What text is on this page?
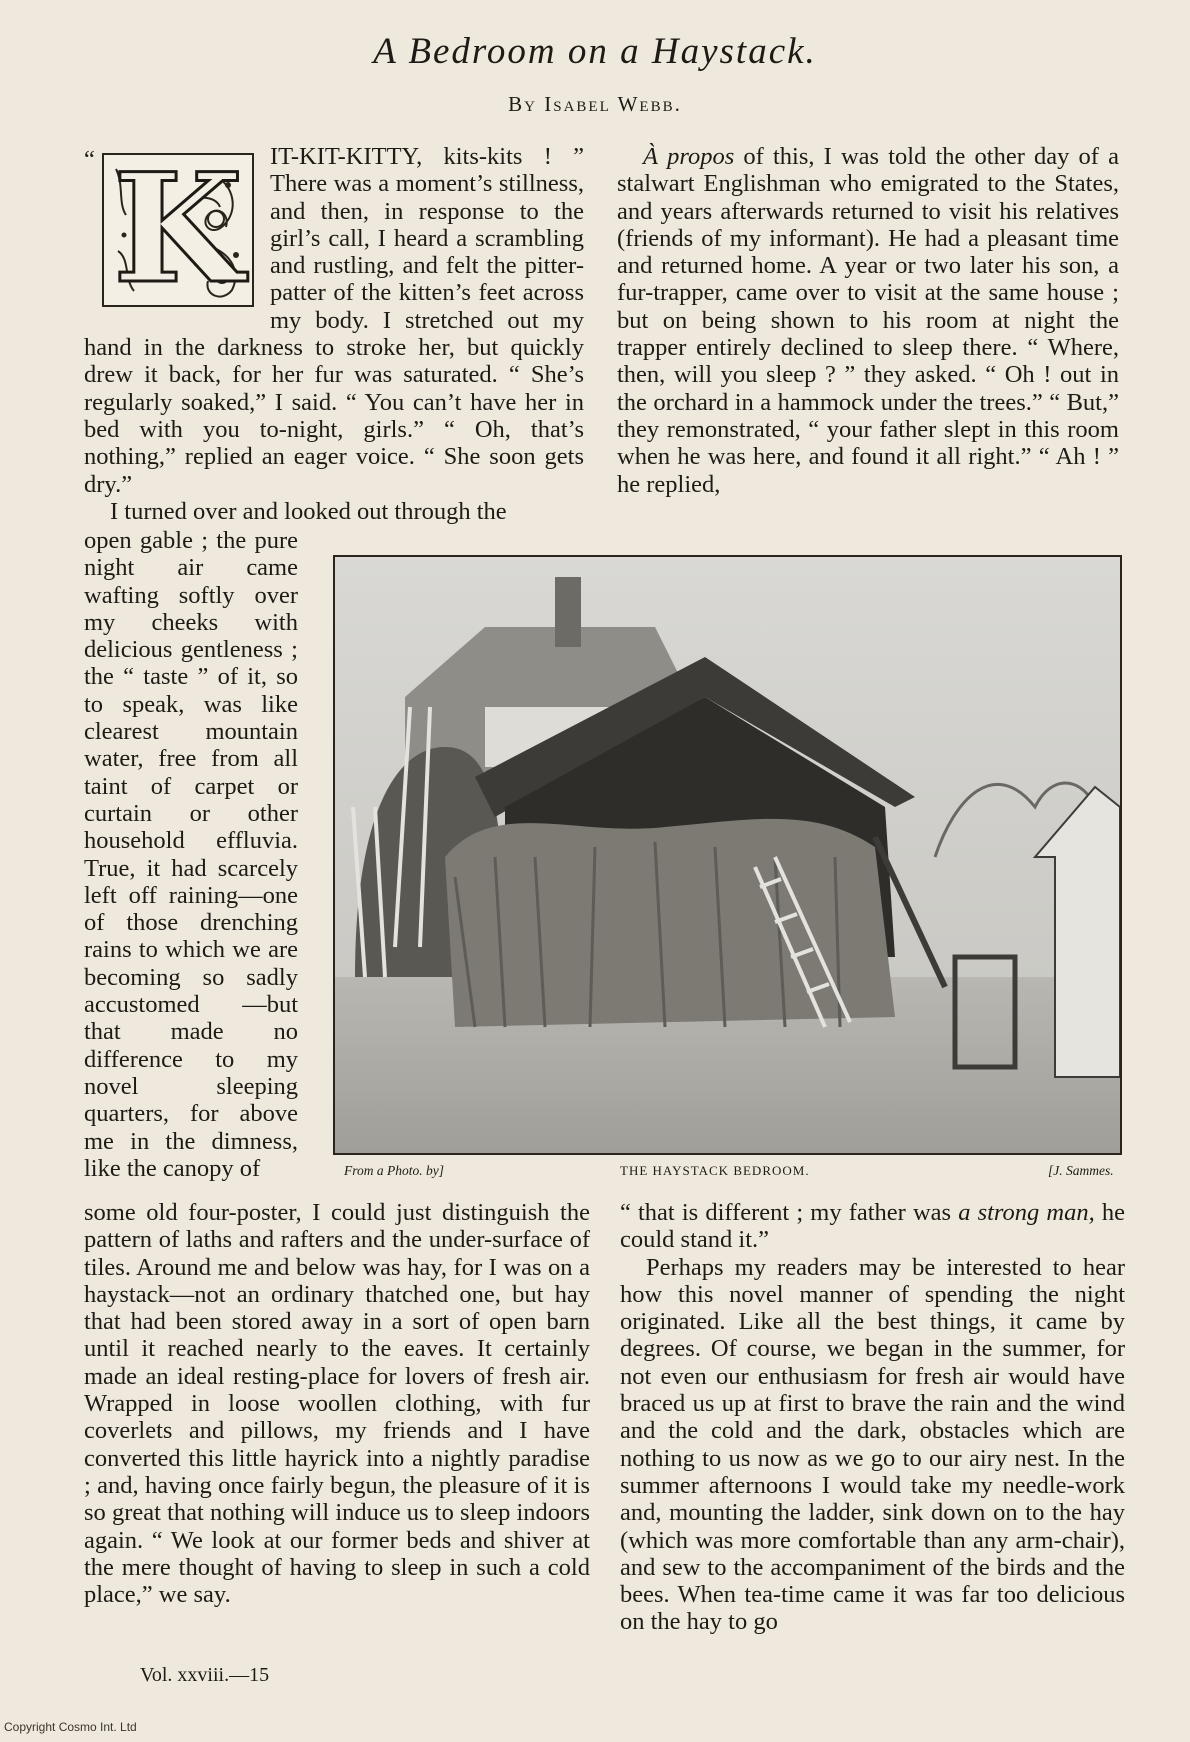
A Bedroom on a Haystack.
By Isabel Webb.
“ K	IT-KIT-KITTY, kits-kits ! ” There was a moment’s stillness, and then, in response to the girl’s call, I heard a scrambling and rustling, and felt the pitter-patter of the kitten’s feet across my body. I stretched out my hand in the darkness to stroke her, but quickly drew it back, for her fur was saturated. “ She’s regularly soaked,” I said. “ You can’t have her in bed with you to-night, girls.” “ Oh, that’s nothing,” replied an eager voice. “ She soon gets dry.”

I turned over and looked out through the

open gable ; the pure night air came wafting softly over my cheeks with delicious gentleness ; the “ taste ” of it, so to speak, was like clearest mountain water, free from all taint of carpet or curtain or other household effluvia. True, it had scarcely left off raining—one of those drenching rains to which we are becoming so sadly accustomed —but that made no difference to my novel sleeping quarters, for above me in the dimness, like the canopy of

À propos of this, I was told the other day of a stalwart Englishman who emigrated to the States, and years afterwards returned to visit his relatives (friends of my informant). He had a pleasant time and returned home. A year or two later his son, a fur-trapper, came over to visit at the same house ; but on being shown to his room at night the trapper entirely declined to sleep there. “ Where, then, will you sleep ? ” they asked. “ Oh ! out in the orchard in a hammock under the trees.” “ But,” they remonstrated, “ your father slept in this room when he was here, and found it all right.” “ Ah ! ” he replied,

From a Photo. by]	THE HAYSTACK BEDROOM.	[J. Sammes.

some old four-poster, I could just distinguish the pattern of laths and rafters and the under-surface of tiles. Around me and below was hay, for I was on a haystack—not an ordinary thatched one, but hay that had been stored away in a sort of open barn until it reached nearly to the eaves. It certainly made an ideal resting-place for lovers of fresh air. Wrapped in loose woollen clothing, with fur coverlets and pillows, my friends and I have converted this little hayrick into a nightly paradise ; and, having once fairly begun, the pleasure of it is so great that nothing will induce us to sleep indoors again. “ We look at our former beds and shiver at the mere thought of having to sleep in such a cold place,” we say.

“ that is different ; my father was a strong man, he could stand it.”

Perhaps my readers may be interested to hear how this novel manner of spending the night originated. Like all the best things, it came by degrees. Of course, we began in the summer, for not even our enthusiasm for fresh air would have braced us up at first to brave the rain and the wind and the cold and the dark, obstacles which are nothing to us now as we go to our airy nest. In the summer afternoons I would take my needle-work and, mounting the ladder, sink down on to the hay (which was more comfortable than any arm-chair), and sew to the accompaniment of the birds and the bees. When tea-time came it was far too delicious on the hay to go

Vol. xxviii.—15
Copyright Cosmo Int. Ltd
